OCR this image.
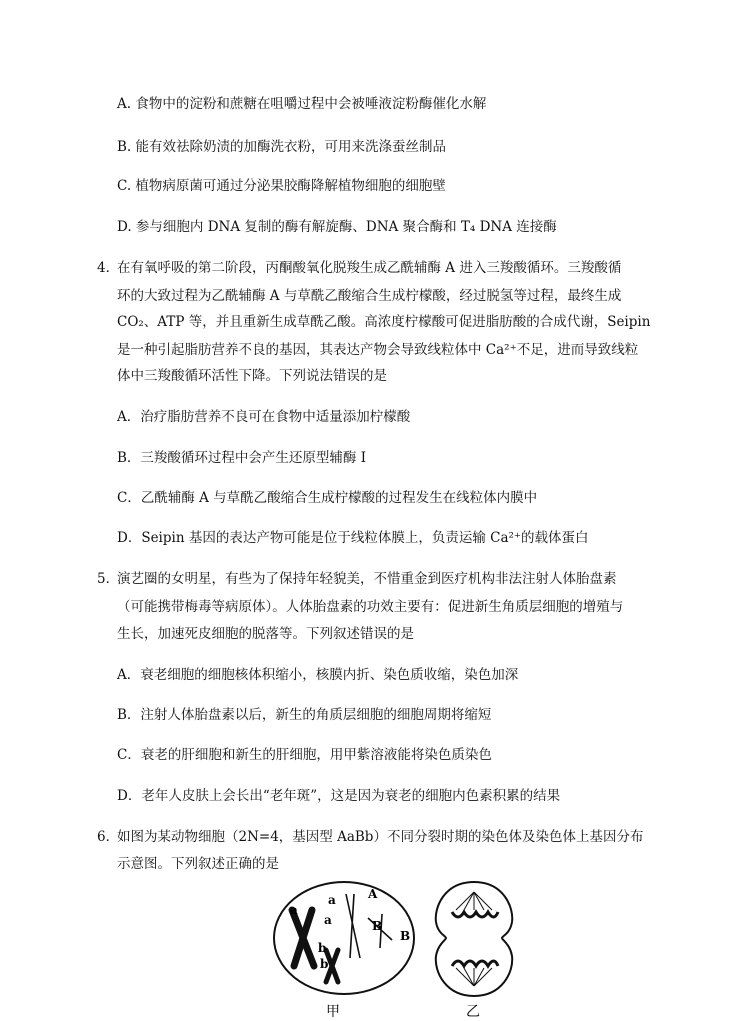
A. 食物中的淀粉和蔗糖在咀嚼过程中会被唾液淀粉酶催化水解
B. 能有效祛除奶渍的加酶洗衣粉，可用来洗涤蚕丝制品
C. 植物病原菌可通过分泌果胶酶降解植物细胞的细胞壁
D. 参与细胞内 DNA 复制的酶有解旋酶、DNA 聚合酶和 T₄ DNA 连接酶
4．
在有氧呼吸的第二阶段，丙酮酸氧化脱羧生成乙酰辅酶 A 进入三羧酸循环。三羧酸循
环的大致过程为乙酰辅酶 A 与草酰乙酸缩合生成柠檬酸，经过脱氢等过程，最终生成
CO₂、ATP 等，并且重新生成草酰乙酸。高浓度柠檬酸可促进脂肪酸的合成代谢，Seipin
是一种引起脂肪营养不良的基因，其表达产物会导致线粒体中 Ca²⁺不足，进而导致线粒
体中三羧酸循环活性下降。下列说法错误的是
A．治疗脂肪营养不良可在食物中适量添加柠檬酸
B．三羧酸循环过程中会产生还原型辅酶 I
C．乙酰辅酶 A 与草酰乙酸缩合生成柠檬酸的过程发生在线粒体内膜中
D．Seipin 基因的表达产物可能是位于线粒体膜上，负责运输 Ca²⁺的载体蛋白
5．
演艺圈的女明星，有些为了保持年轻貌美，不惜重金到医疗机构非法注射人体胎盘素
（可能携带梅毒等病原体）。人体胎盘素的功效主要有：促进新生角质层细胞的增殖与
生长，加速死皮细胞的脱落等。下列叙述错误的是
A．衰老细胞的细胞核体积缩小，核膜内折、染色质收缩，染色加深
B．注射人体胎盘素以后，新生的角质层细胞的细胞周期将缩短
C．衰老的肝细胞和新生的肝细胞，用甲紫溶液能将染色质染色
D．老年人皮肤上会长出“老年斑”，这是因为衰老的细胞内色素积累的结果
6．
如图为某动物细胞（2N=4，基因型 AaBb）不同分裂时期的染色体及染色体上基因分布
示意图。下列叙述正确的是
a
a	A
a
b
B
B
b
甲	乙
